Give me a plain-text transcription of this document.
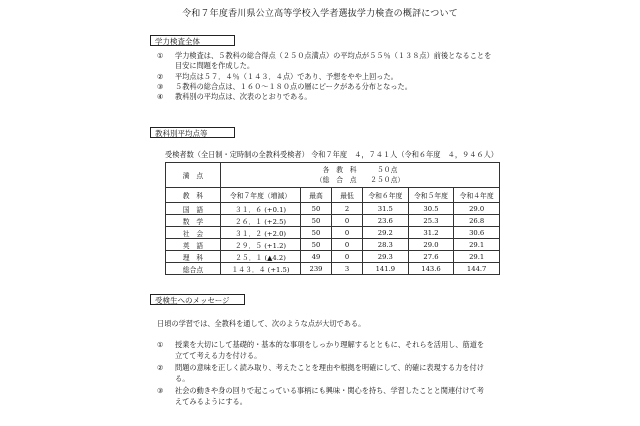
令和７年度香川県公立高等学校入学者選抜学力検査の概評について
学力検査全体
① 学力検査は、５教科の総合得点（２５０点満点）の平均点が５５％（１３８点）前後となることを目安に問題を作成した。
② 平均点は５７．４％（１４３．４点）であり、予想をやや上回った。
③ ５教科の総合点は、１６０～１８０点の層にピークがある分布となった。
④ 教科別の平均点は、次表のとおりである。
教科別平均点等
受検者数（全日制・定時制の全教科受検者） 令和７年度　４，７４１人（令和６年度　４，９４６人）
満　点	各　教　科　　　５０点
（総　合　点　　２５０点）					

教　科	令和７年度（増減）	最高	最低	令和６年度	令和５年度	令和４年度
国　語	３１．６ (+0.1)	50	2	31.5	30.5	29.0
数　学	２６．１ (+2.5)	50	0	23.6	25.3	26.8
社　会	３１．２ (+2.0)	50	0	29.2	31.2	30.6
英　語	２９．５ (+1.2)	50	0	28.3	29.0	29.1
理　科	２５．１ (▲4.2)	49	0	29.3	27.6	29.1
総合点	１４３．４ (+1.5)	239	3	141.9	143.6	144.7
受検生へのメッセージ
日頃の学習では、全教科を通して、次のような点が大切である。
① 授業を大切にして基礎的・基本的な事項をしっかり理解するとともに、それらを活用し、筋道を立てて考える力を付ける。
② 問題の意味を正しく読み取り、考えたことを理由や根拠を明確にして、的確に表現する力を付ける。
③ 社会の動きや身の回りで起こっている事柄にも興味・関心を持ち、学習したことと関連付けて考えてみるようにする。
